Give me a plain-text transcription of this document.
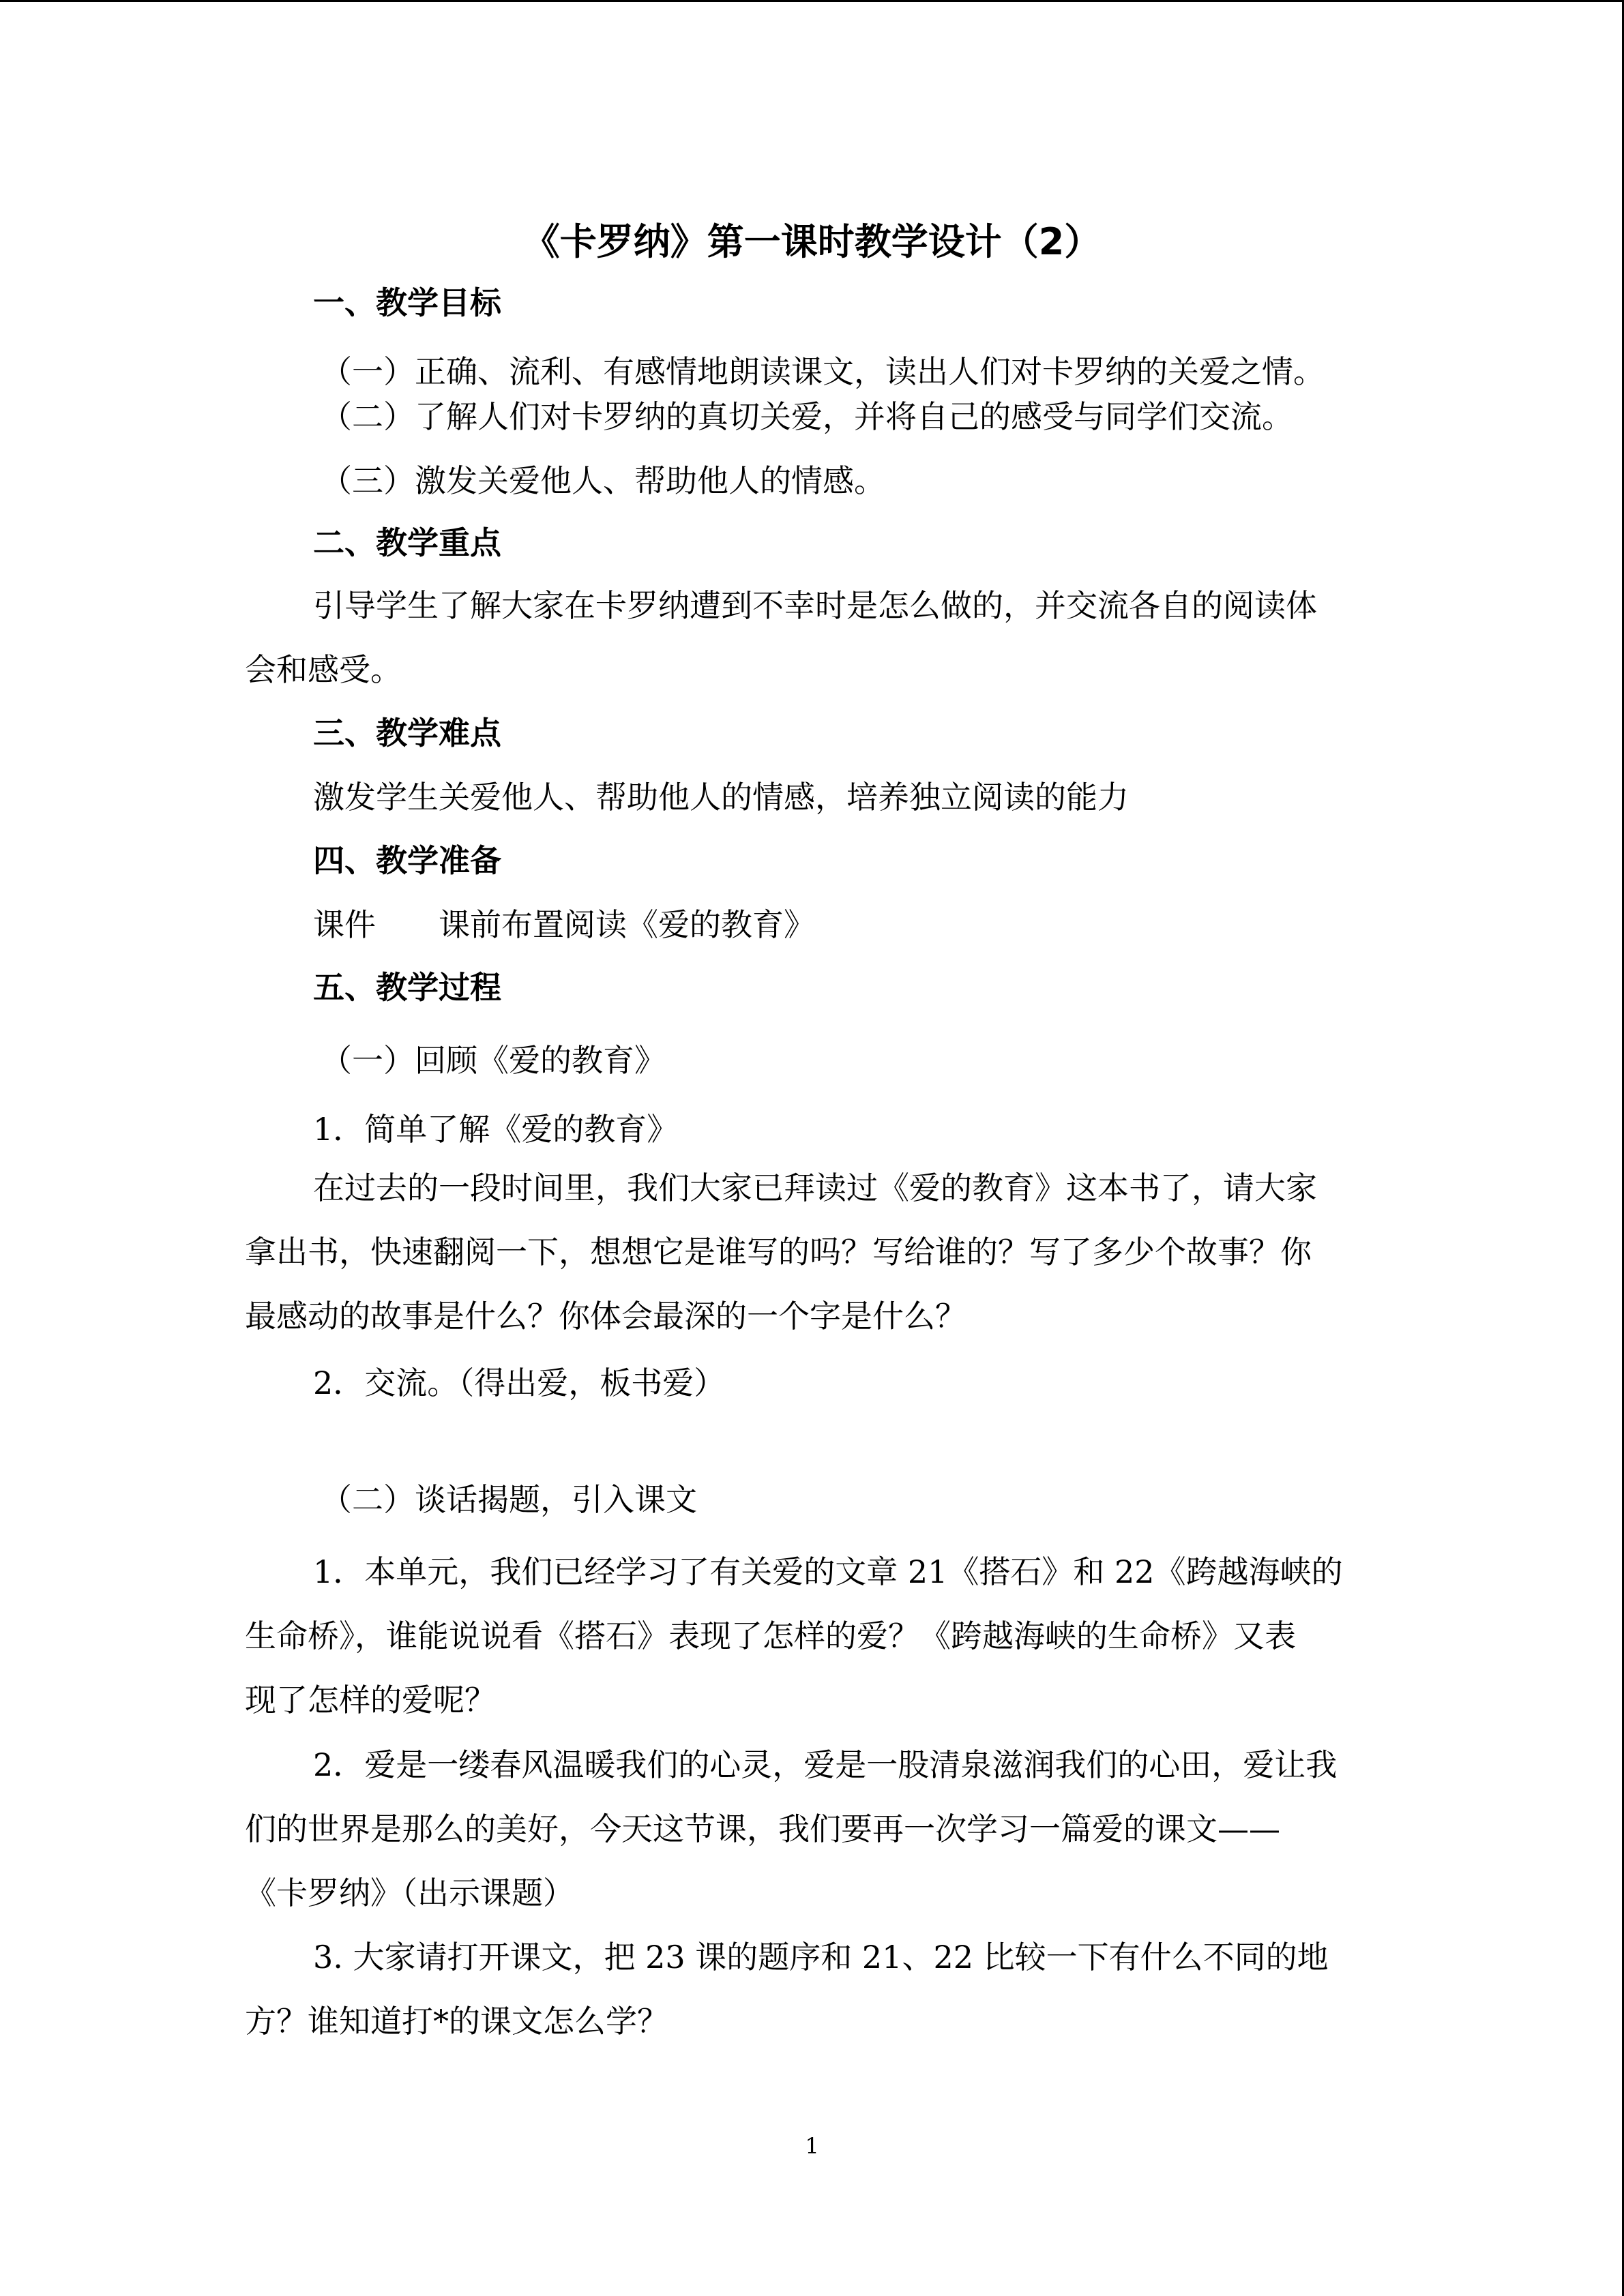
《卡罗纳》第一课时教学设计（2）
一、教学目标
（一）正确、流利、有感情地朗读课文，读出人们对卡罗纳的关爱之情。
（二）了解人们对卡罗纳的真切关爱，并将自己的感受与同学们交流。
（三）激发关爱他人、帮助他人的情感。
二、教学重点
引导学生了解大家在卡罗纳遭到不幸时是怎么做的，并交流各自的阅读体
会和感受。
三、教学难点
激发学生关爱他人、帮助他人的情感，培养独立阅读的能力
四、教学准备
课件　　课前布置阅读《爱的教育》
五、教学过程
（一）回顾《爱的教育》
1．简单了解《爱的教育》
在过去的一段时间里，我们大家已拜读过《爱的教育》这本书了，请大家
拿出书，快速翻阅一下，想想它是谁写的吗？写给谁的？写了多少个故事？你
最感动的故事是什么？你体会最深的一个字是什么？
2．交流。（得出爱，板书爱）
（二）谈话揭题，引入课文
1．本单元，我们已经学习了有关爱的文章 21《搭石》和 22《跨越海峡的
生命桥》，谁能说说看《搭石》表现了怎样的爱？《跨越海峡的生命桥》又表
现了怎样的爱呢？
2．爱是一缕春风温暖我们的心灵，爱是一股清泉滋润我们的心田，爱让我
们的世界是那么的美好，今天这节课，我们要再一次学习一篇爱的课文——
《卡罗纳》（出示课题）
3. 大家请打开课文，把 23 课的题序和 21、22 比较一下有什么不同的地
方？谁知道打*的课文怎么学？
1
